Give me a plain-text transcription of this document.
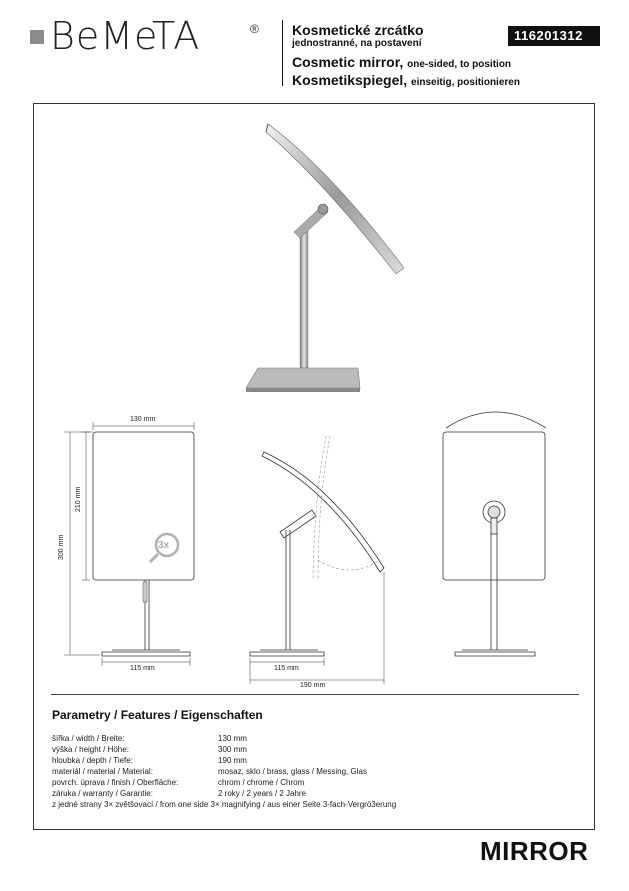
BeMeTA	® Kosmetické zrcátko
jednostranné, na postavení
Cosmetic mirror, one-sided, to position
Kosmetikspiegel, einseitig, positionieren
116201312
130 mm
210 mm
300 mm
115 mm	115 mm
190 mm
3x
Parametry / Features / Eigenschaften
šířka / width / Breite:	130 mm
výška / height / Höhe:	300 mm
hloubka / depth / Tiefe:	190 mm
materiál / material / Material:	mosaz, sklo / brass, glass / Messing, Glas
povrch. úprava / finish / Oberfläche:	chrom / chrome / Chrom
záruka / warranty / Garantie:	2 roky / 2 years / 2 Jahre
z jedné strany 3× zvětšovací / from one side 3× magnifying / aus einer Seite 3-fach-Vergrö3erung
MIRROR
